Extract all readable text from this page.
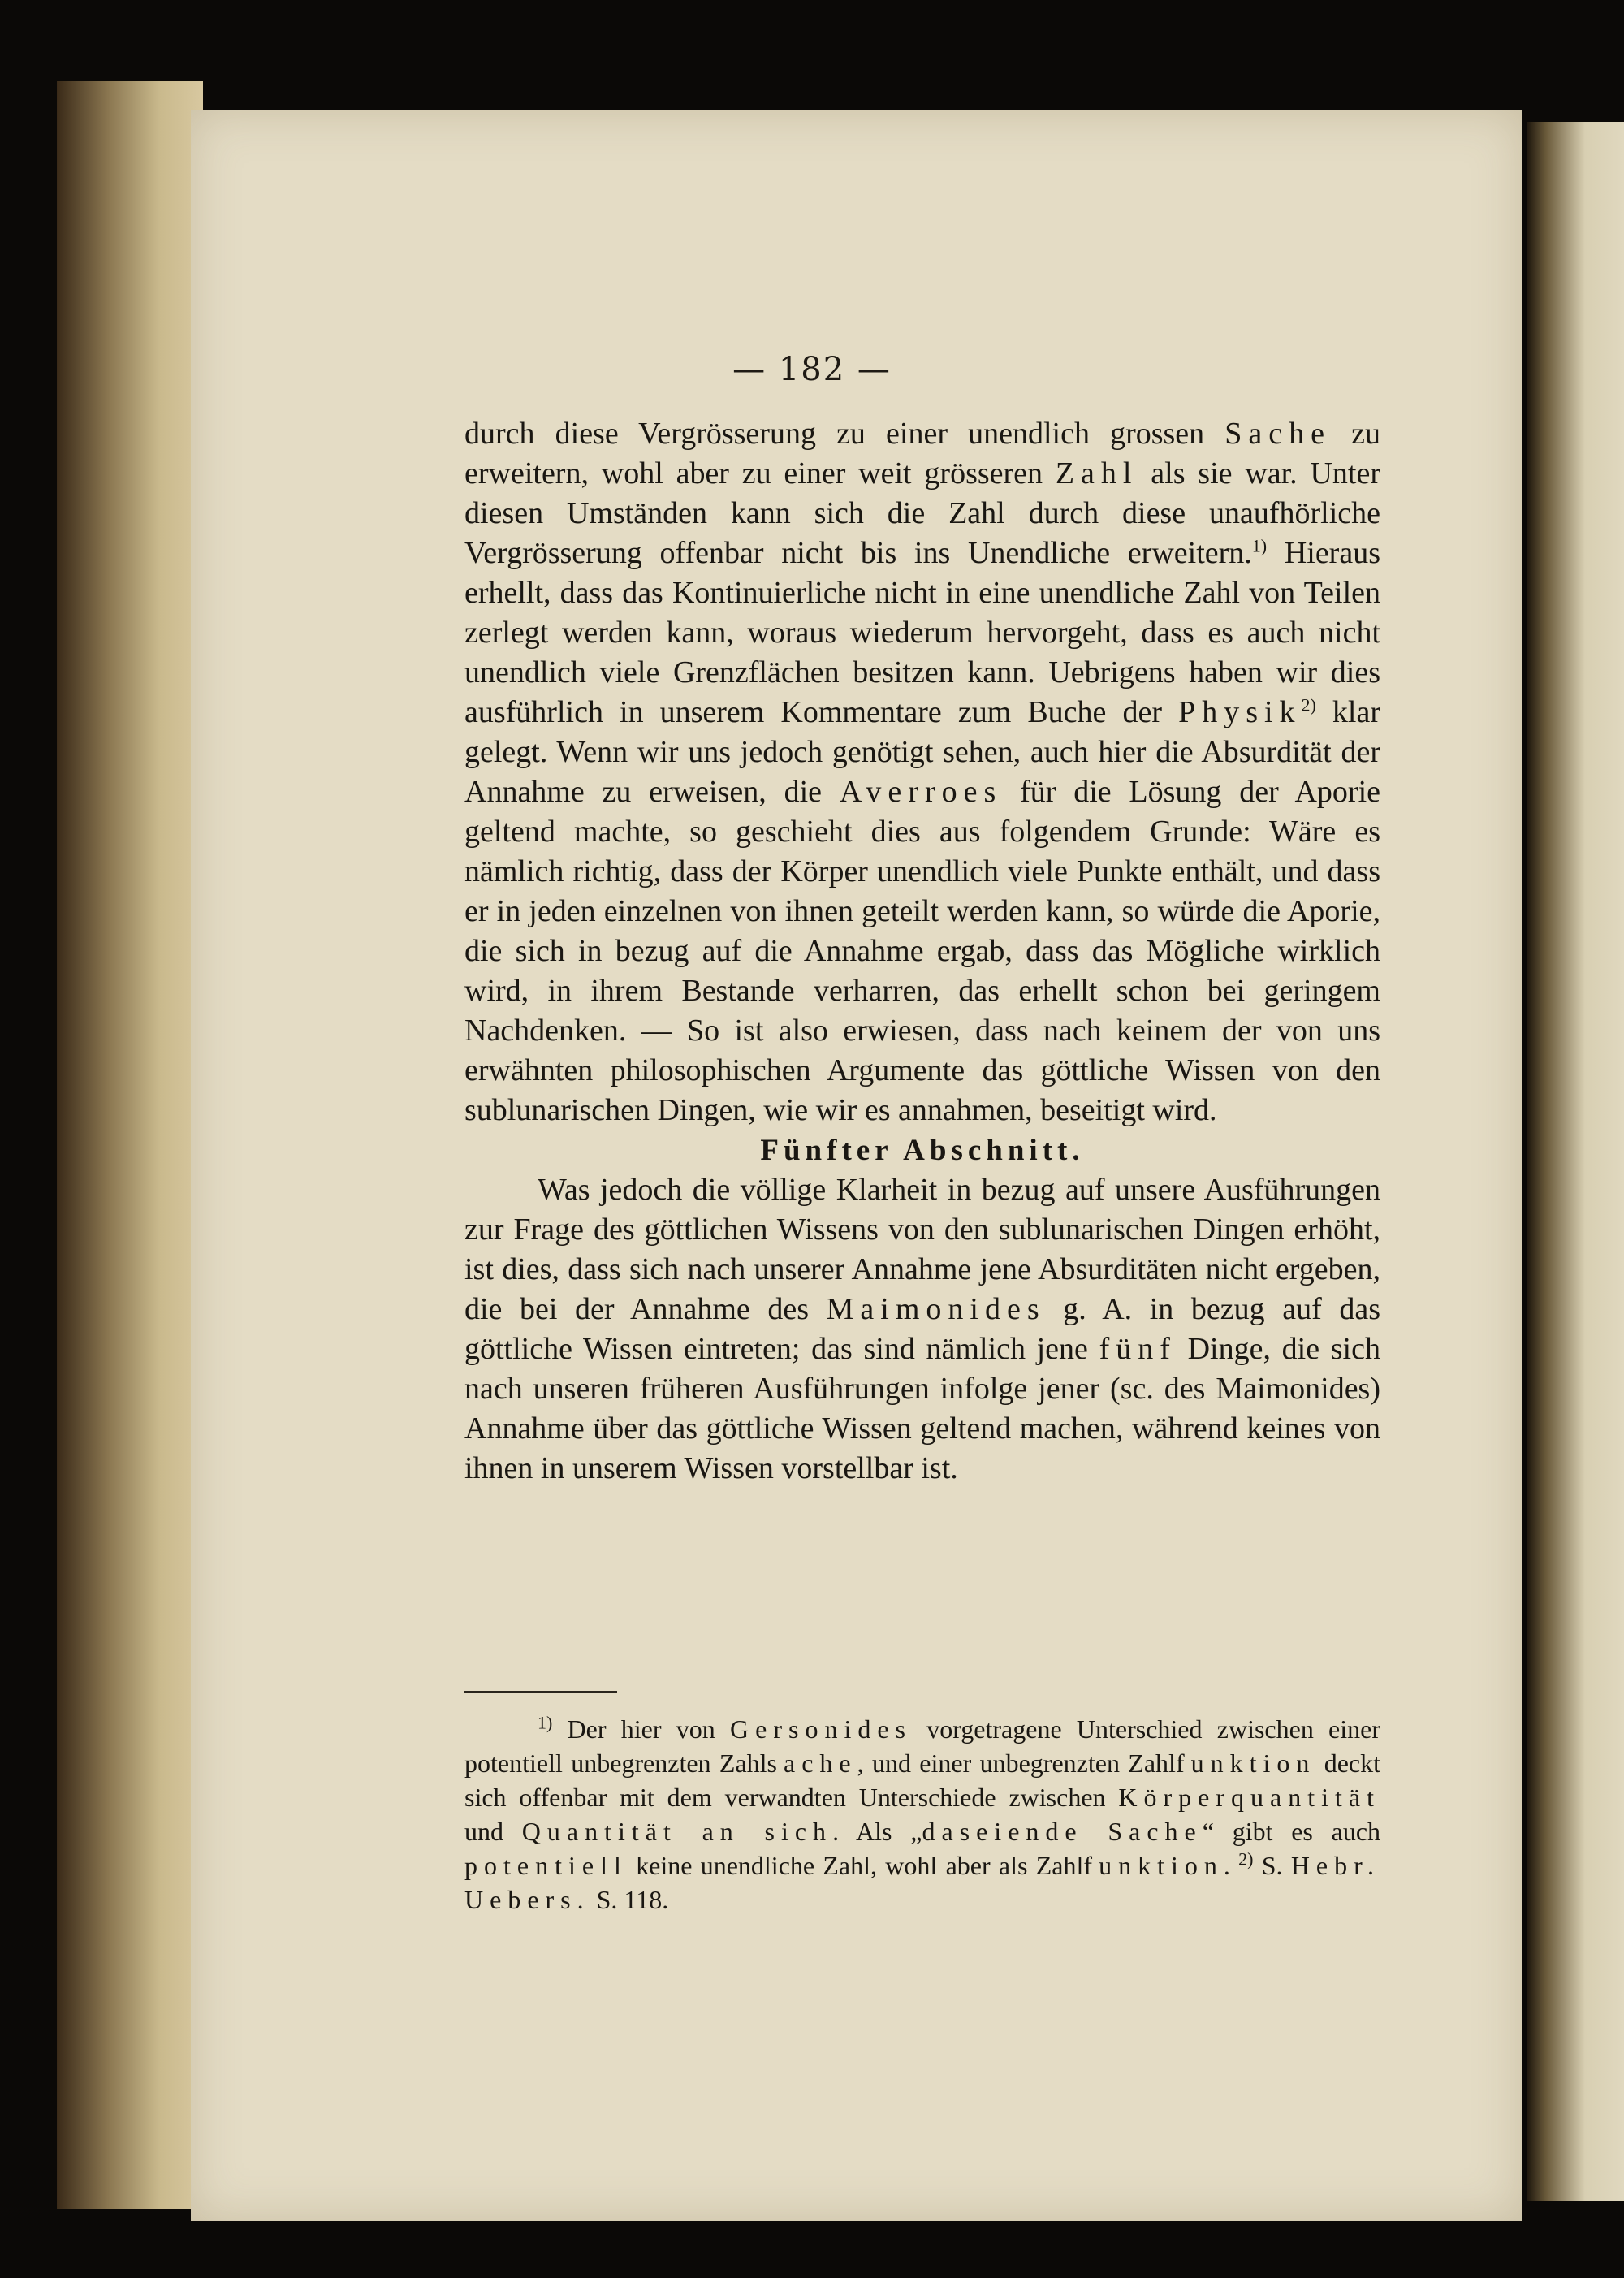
— 182 —

durch diese Vergrösserung zu einer unendlich grossen Sache zu erweitern, wohl aber zu einer weit grösseren Zahl als sie war. Unter diesen Umständen kann sich die Zahl durch diese unaufhörliche Vergrösserung offenbar nicht bis ins Unendliche erweitern.$^{1)}$ Hieraus erhellt, dass das Kontinuierliche nicht in eine unendliche Zahl von Teilen zerlegt werden kann, woraus wiederum hervorgeht, dass es auch nicht unendlich viele Grenzflächen besitzen kann. Uebrigens haben wir dies ausführlich in unserem Kommentare zum Buche der Physik$^{2)}$ klar gelegt. Wenn wir uns jedoch genötigt sehen, auch hier die Absurdität der Annahme zu erweisen, die Averroes für die Lösung der Aporie geltend machte, so geschieht dies aus folgendem Grunde: Wäre es nämlich richtig, dass der Körper unendlich viele Punkte enthält, und dass er in jeden einzelnen von ihnen geteilt werden kann, so würde die Aporie, die sich in bezug auf die Annahme ergab, dass das Mögliche wirklich wird, in ihrem Bestande verharren, das erhellt schon bei geringem Nachdenken. — So ist also erwiesen, dass nach keinem der von uns erwähnten philosophischen Argumente das göttliche Wissen von den sublunarischen Dingen, wie wir es annahmen, beseitigt wird.

Fünfter Abschnitt.

Was jedoch die völlige Klarheit in bezug auf unsere Ausführungen zur Frage des göttlichen Wissens von den sublunarischen Dingen erhöht, ist dies, dass sich nach unserer Annahme jene Absurditäten nicht ergeben, die bei der Annahme des Maimonides g. A. in bezug auf das göttliche Wissen eintreten; das sind nämlich jene fünf Dinge, die sich nach unseren früheren Ausführungen infolge jener (sc. des Maimonides) Annahme über das göttliche Wissen geltend machen, während keines von ihnen in unserem Wissen vorstellbar ist.

$^{1)}$ Der hier von Gersonides vorgetragene Unterschied zwischen einer potentiell unbegrenzten Zahlsache, und einer unbegrenzten Zahlfunktion deckt sich offenbar mit dem verwandten Unterschiede zwischen Körperquantität und Quantität an sich. Als „daseiende Sache“ gibt es auch potentiell keine unendliche Zahl, wohl aber als Zahlfunktion. $^{2)}$ S. Hebr. Uebers. S. 118.
